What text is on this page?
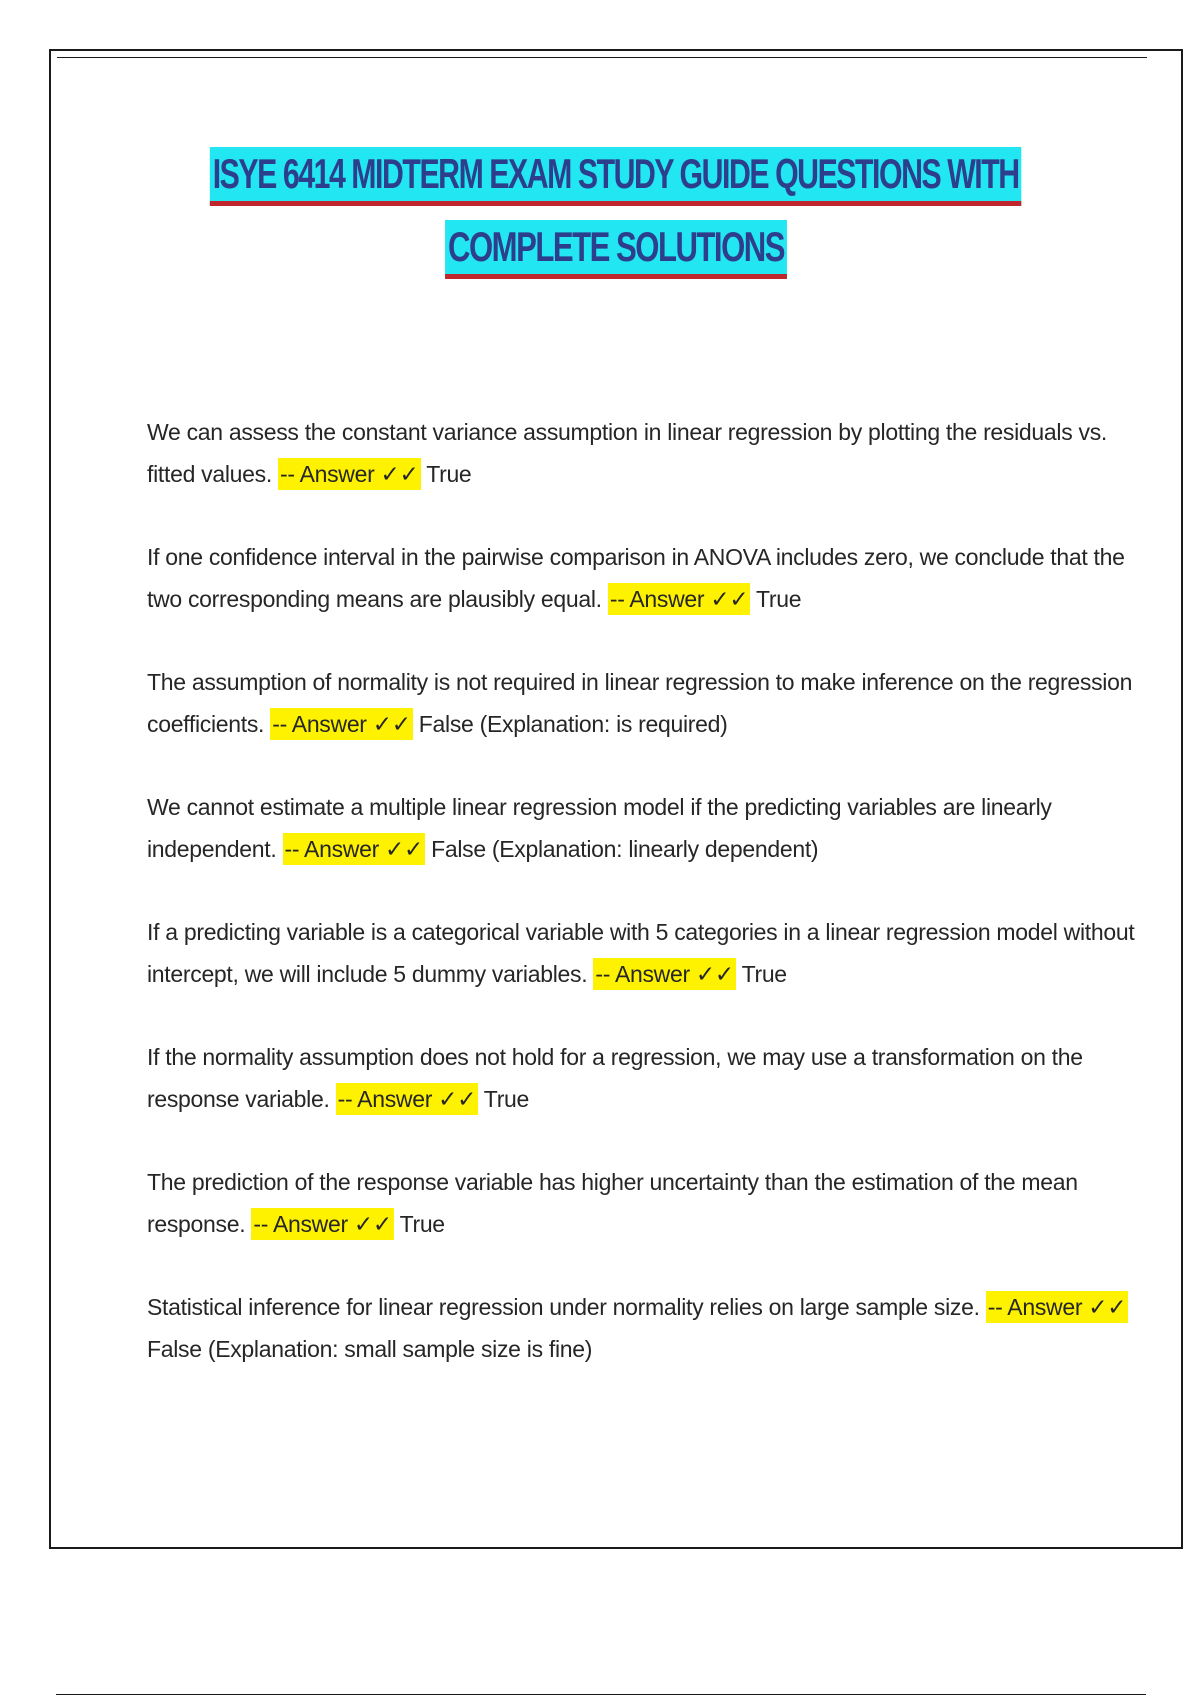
ISYE 6414 MIDTERM EXAM STUDY GUIDE QUESTIONS WITH
COMPLETE SOLUTIONS

We can assess the constant variance assumption in linear regression by plotting the residuals vs. fitted values. -- Answer ✓✓ True

If one confidence interval in the pairwise comparison in ANOVA includes zero, we conclude that the two corresponding means are plausibly equal. -- Answer ✓✓ True

The assumption of normality is not required in linear regression to make inference on the regression coefficients. -- Answer ✓✓ False (Explanation: is required)

We cannot estimate a multiple linear regression model if the predicting variables are linearly independent. -- Answer ✓✓ False (Explanation: linearly dependent)

If a predicting variable is a categorical variable with 5 categories in a linear regression model without intercept, we will include 5 dummy variables. -- Answer ✓✓ True

If the normality assumption does not hold for a regression, we may use a transformation on the response variable. -- Answer ✓✓ True

The prediction of the response variable has higher uncertainty than the estimation of the mean response. -- Answer ✓✓ True

Statistical inference for linear regression under normality relies on large sample size. -- Answer ✓✓ False (Explanation: small sample size is fine)
